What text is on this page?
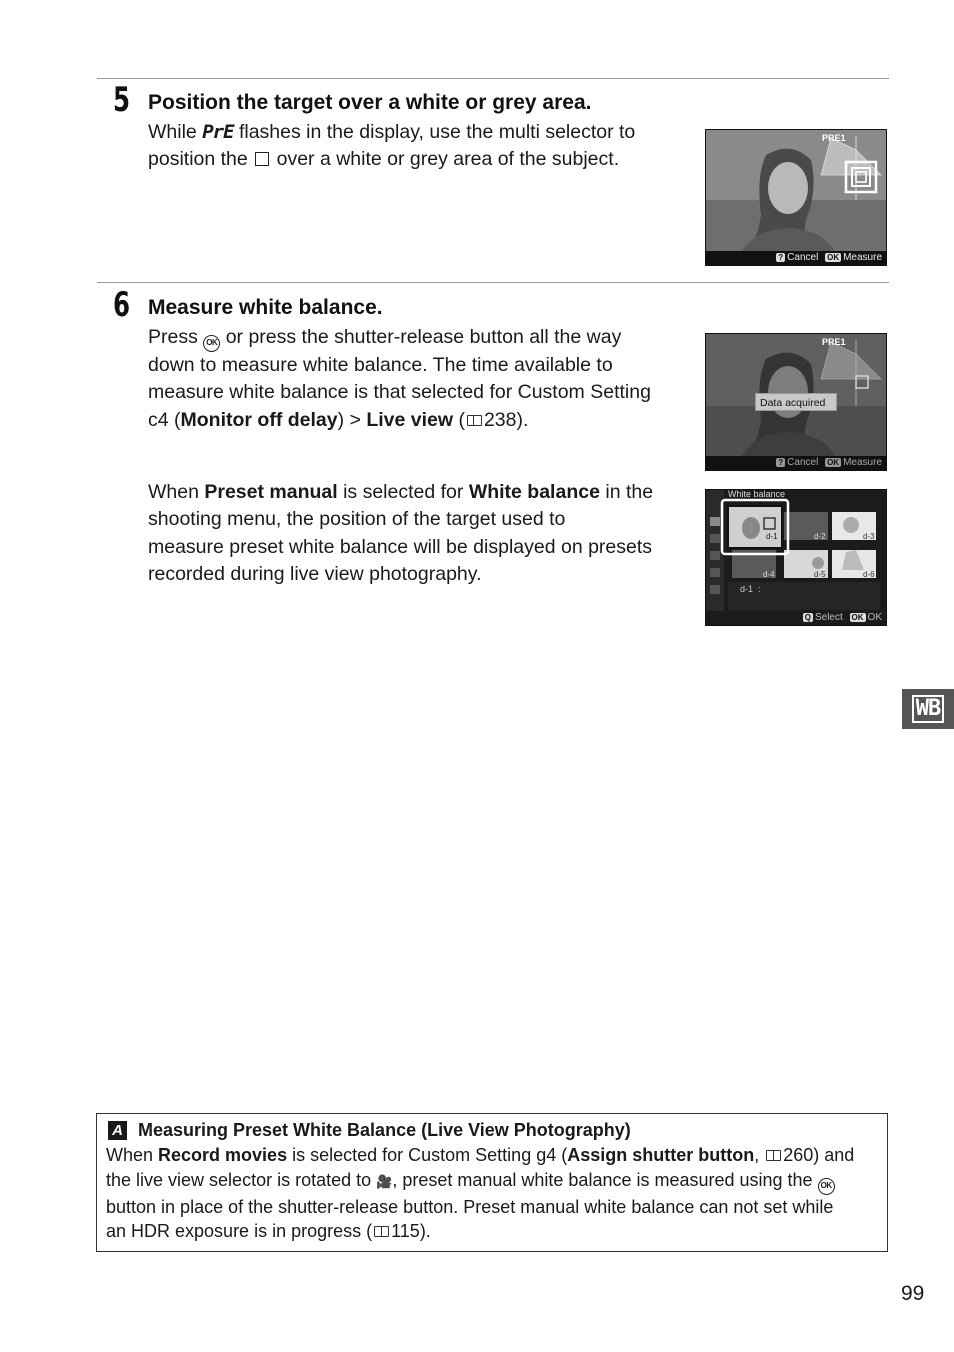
5 Position the target over a white or grey area.
While PrE flashes in the display, use the multi selector to
position the over a white or grey area of the subject.
PRE1
? Cancel OK Measure
6 Measure white balance.
Press OK or press the shutter-release button all the way
down to measure white balance. The time available to
measure white balance is that selected for Custom Setting
c4 (Monitor off delay) > Live view ( 238).
PRE1
Data acquired
? Cancel OK Measure
When Preset manual is selected for White balance in the
shooting menu, the position of the target used to
measure preset white balance will be displayed on presets
recorded during live view photography.
White balance
d-1	d-2	d-3
d-4	d-5	d-6
d-1  :
Q Select OK OK
WB
A Measuring Preset White Balance (Live View Photography)
When Record movies is selected for Custom Setting g4 (Assign shutter button, 260) and
the live view selector is rotated to 🎥, preset manual white balance is measured using the OK
button in place of the shutter-release button. Preset manual white balance can not set while
an HDR exposure is in progress ( 115).
99
